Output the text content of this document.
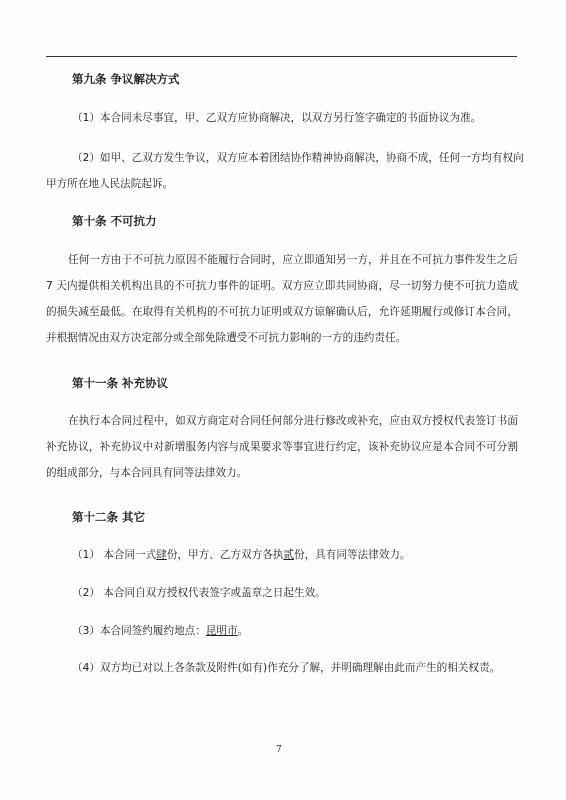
第九条 争议解决方式
（1）本合同未尽事宜，甲、乙双方应协商解决，以双方另行签字确定的书面协议为准。
（2）如甲、乙双方发生争议，双方应本着团结协作精神协商解决，协商不成，任何一方均有权向
甲方所在地人民法院起诉。
第十条 不可抗力
任何一方由于不可抗力原因不能履行合同时，应立即通知另一方，并且在不可抗力事件发生之后 7 天内提供相关机构出具的不可抗力事件的证明。双方应立即共同协商，尽一切努力使不可抗力造成的损失减至最低。在取得有关机构的不可抗力证明或双方谅解确认后，允许延期履行或修订本合同，并根据情况由双方决定部分或全部免除遭受不可抗力影响的一方的违约责任。
第十一条 补充协议
在执行本合同过程中，如双方商定对合同任何部分进行修改或补充，应由双方授权代表签订书面补充协议，补充协议中对新增服务内容与成果要求等事宜进行约定，该补充协议应是本合同不可分割的组成部分，与本合同具有同等法律效力。
第十二条 其它
（1） 本合同一式肆份，甲方、乙方双方各执贰份，具有同等法律效力。
（2） 本合同自双方授权代表签字或盖章之日起生效。
（3）本合同签约履约地点：昆明市。
（4）双方均已对以上各条款及附件(如有)作充分了解，并明确理解由此而产生的相关权责。
7
